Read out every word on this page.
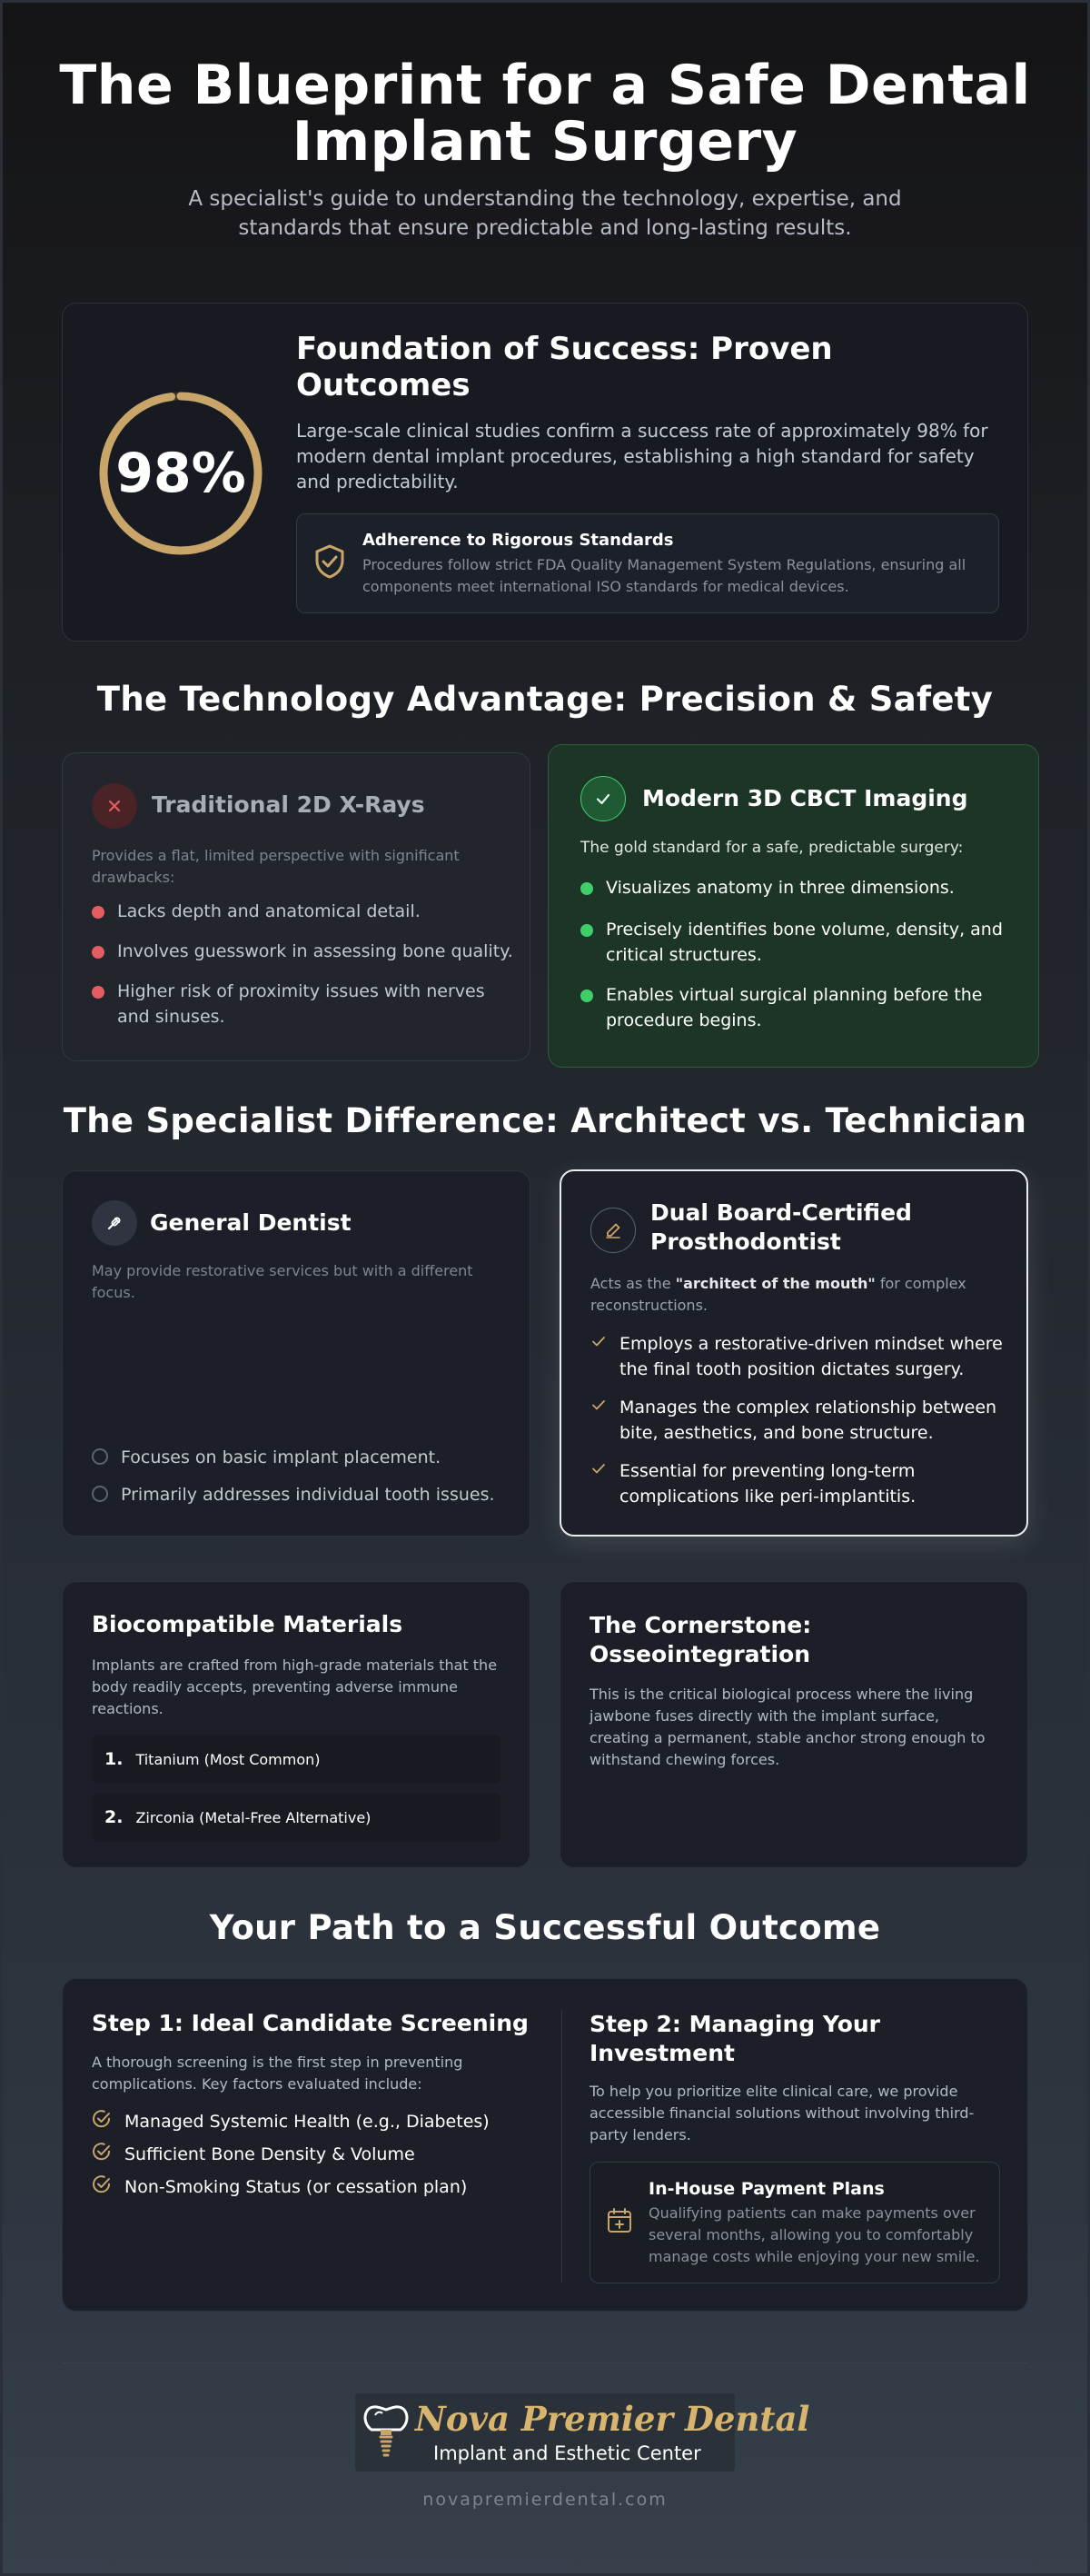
The Blueprint for a Safe Dental
Implant Surgery
A specialist's guide to understanding the technology, expertise, and
standards that ensure predictable and long-lasting results.
98%
Foundation of Success: Proven
Outcomes
Large-scale clinical studies confirm a success rate of approximately 98% for
modern dental implant procedures, establishing a high standard for safety
and predictability.
Adherence to Rigorous Standards
Procedures follow strict FDA Quality Management System Regulations, ensuring all
components meet international ISO standards for medical devices.
The Technology Advantage: Precision & Safety
Traditional 2D X-Rays
Provides a flat, limited perspective with significant
drawbacks:
Lacks depth and anatomical detail.
Involves guesswork in assessing bone quality.
Higher risk of proximity issues with nerves
and sinuses.
Modern 3D CBCT Imaging
The gold standard for a safe, predictable surgery:
Visualizes anatomy in three dimensions.
Precisely identifies bone volume, density, and
critical structures.
Enables virtual surgical planning before the
procedure begins.
The Specialist Difference: Architect vs. Technician
General Dentist
May provide restorative services but with a different
focus.
Focuses on basic implant placement.
Primarily addresses individual tooth issues.
Dual Board-Certified
Prosthodontist
Acts as the "architect of the mouth" for complex
reconstructions.
Employs a restorative-driven mindset where
the final tooth position dictates surgery.
Manages the complex relationship between
bite, aesthetics, and bone structure.
Essential for preventing long-term
complications like peri-implantitis.
Biocompatible Materials
Implants are crafted from high-grade materials that the
body readily accepts, preventing adverse immune
reactions.
1. Titanium (Most Common)
2. Zirconia (Metal-Free Alternative)
The Cornerstone:
Osseointegration
This is the critical biological process where the living
jawbone fuses directly with the implant surface,
creating a permanent, stable anchor strong enough to
withstand chewing forces.
Your Path to a Successful Outcome
Step 1: Ideal Candidate Screening
A thorough screening is the first step in preventing
complications. Key factors evaluated include:
Managed Systemic Health (e.g., Diabetes)
Sufficient Bone Density & Volume
Non-Smoking Status (or cessation plan)
Step 2: Managing Your
Investment
To help you prioritize elite clinical care, we provide
accessible financial solutions without involving third-
party lenders.
In-House Payment Plans
Qualifying patients can make payments over
several months, allowing you to comfortably
manage costs while enjoying your new smile.
Nova Premier Dental
Implant and Esthetic Center
novapremierdental.com
